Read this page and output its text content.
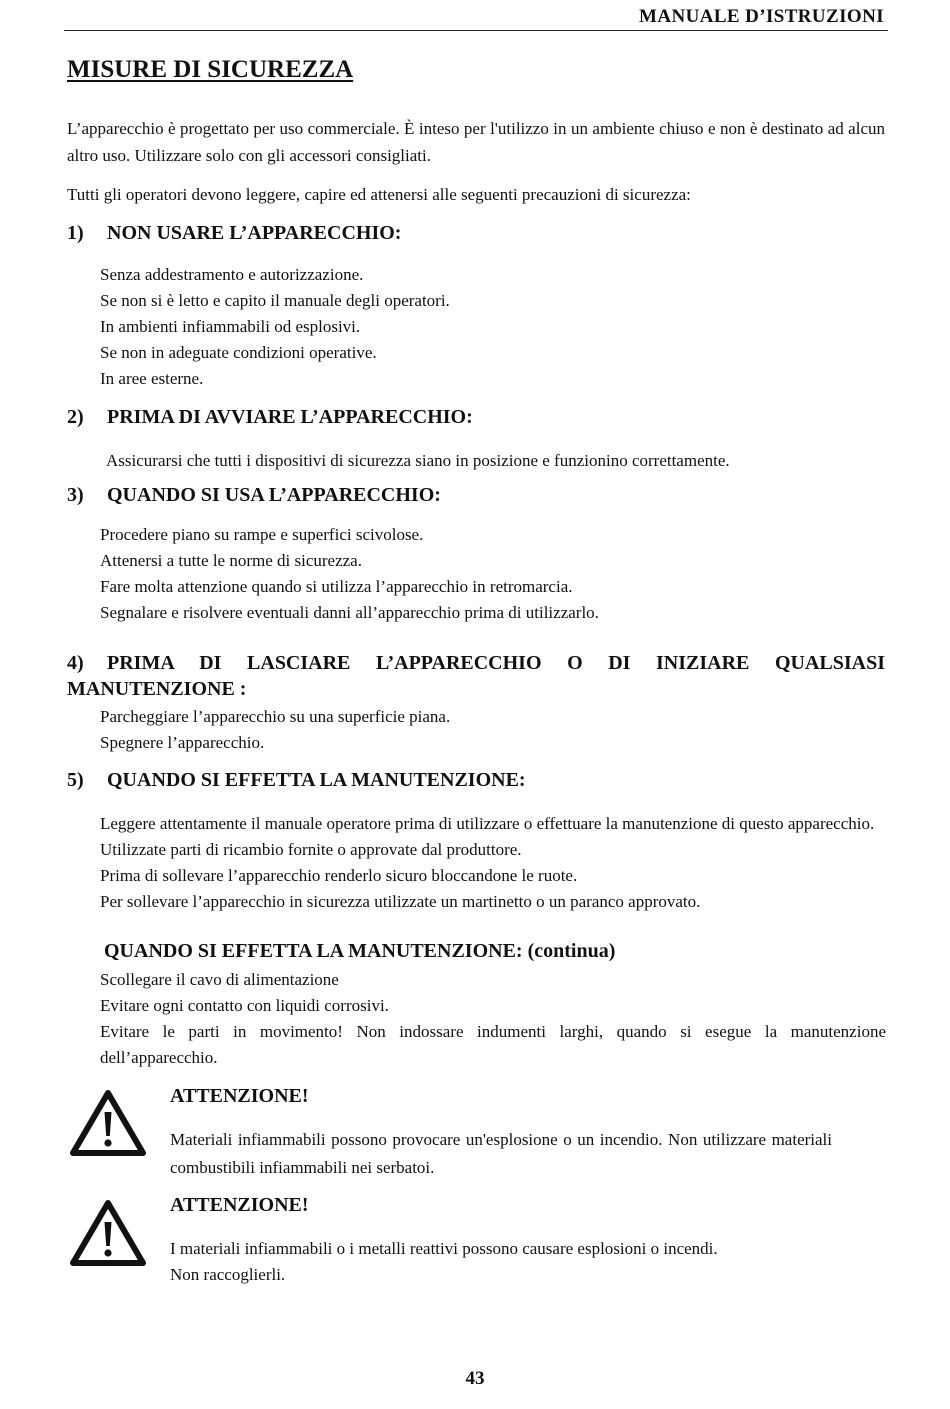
MANUALE D’ISTRUZIONI
MISURE DI SICUREZZA

L’apparecchio è progettato per uso commerciale. È inteso per l'utilizzo in un ambiente chiuso e non è destinato ad alcun altro uso. Utilizzare solo con gli accessori consigliati.

Tutti gli operatori devono leggere, capire ed attenersi alle seguenti precauzioni di sicurezza:

1) NON USARE L’APPARECCHIO:
Senza addestramento e autorizzazione.
Se non si è letto e capito il manuale degli operatori.
In ambienti infiammabili od esplosivi.
Se non in adeguate condizioni operative.
In aree esterne.
2) PRIMA DI AVVIARE L’APPARECCHIO:
Assicurarsi che tutti i dispositivi di sicurezza siano in posizione e funzionino correttamente.
3) QUANDO SI USA L’APPARECCHIO:
Procedere piano su rampe e superfici scivolose.
Attenersi a tutte le norme di sicurezza.
Fare molta attenzione quando si utilizza l’apparecchio in retromarcia.
Segnalare e risolvere eventuali danni all’apparecchio prima di utilizzarlo.
4) PRIMA DI LASCIARE L’APPARECCHIO O DI INIZIARE QUALSIASI MANUTENZIONE :
Parcheggiare l’apparecchio su una superficie piana.
Spegnere l’apparecchio.
5) QUANDO SI EFFETTA LA MANUTENZIONE:
Leggere attentamente il manuale operatore prima di utilizzare o effettuare la manutenzione di questo apparecchio.
Utilizzate parti di ricambio fornite o approvate dal produttore.
Prima di sollevare l’apparecchio renderlo sicuro bloccandone le ruote.
Per sollevare l’apparecchio in sicurezza utilizzate un martinetto o un paranco approvato.
QUANDO SI EFFETTA LA MANUTENZIONE: (continua)
Scollegare il cavo di alimentazione
Evitare ogni contatto con liquidi corrosivi.
Evitare le parti in movimento! Non indossare indumenti larghi, quando si esegue la manutenzione dell’apparecchio.
ATTENZIONE!

Materiali infiammabili possono provocare un'esplosione o un incendio. Non utilizzare materiali combustibili infiammabili nei serbatoi.

ATTENZIONE!
I materiali infiammabili o i metalli reattivi possono causare esplosioni o incendi.
Non raccoglierli.
43
